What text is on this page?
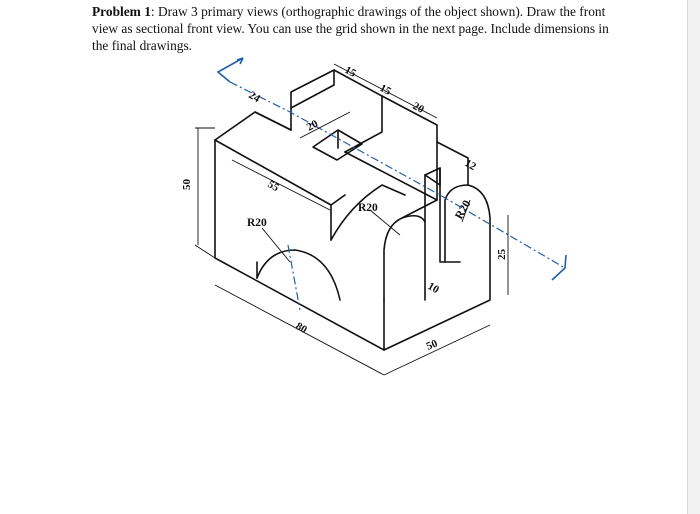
Problem 1: Draw 3 primary views (orthographic drawings of the object shown). Draw the front view as sectional front view. You can use the grid shown in the next page. Include dimensions in the final drawings.
50	55
80
50
15
15
20
20
24
12
10
25
R20
R20	R20
